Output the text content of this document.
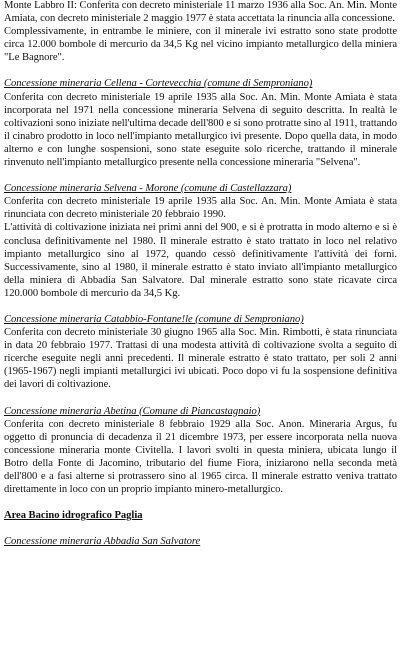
Monte Labbro II: Conferita con decreto ministeriale 11 marzo 1936 alla Soc. An. Min. Monte Amiata, con decreto ministeriale 2 maggio 1977 è stata accettata la rinuncia alla concessione.

Complessivamente, in entrambe le miniere, con il minerale ivi estratto sono state prodotte circa 12.000 bombole di mercurio da 34,5 Kg nel vicino impianto metallurgico della miniera "Le Bagnore".

Concessione mineraria Cellena - Cortevecchia (comune di Semproniano)

Conferita con decreto ministeriale 19 aprile 1935 alla Soc. An. Min. Monte Amiata è stata incorporata nel 1971 nella concessione mineraria Selvena di seguito descritta. In realtà le coltivazioni sono iniziate nell'ultima decade dell'800 e si sono protratte sino al 1911, trattando il cinabro prodotto in loco nell'impianto metallurgico ivi presente. Dopo quella data, in modo alterno e con lunghe sospensioni, sono state eseguite solo ricerche, trattando il minerale rinvenuto nell'impianto metallurgico presente nella concessione mineraria "Selvena".

Concessione mineraria Selvena - Morone (comune di Castellazzara)

Conferita con decreto ministeriale 19 aprile 1935 alla Soc. An. Min. Monte Amiata è stata rinunciata con decreto ministeriale 20 febbraio 1990.

L'attività di coltivazione iniziata nei primi anni del 900, e si è protratta in modo alterno e si è conclusa definitivamente nel 1980. Il minerale estratto è stato trattato in loco nel relativo impianto metallurgico sino al 1972, quando cessò definitivamente l'attività dei forni. Successivamente, sino al 1980, il minerale estratto è stato inviato all'impianto metallurgico della miniera di Abbadia San Salvatore. Dal minerale estratto sono state ricavate circa 120.000 bombole di mercurio da 34,5 Kg.

Concessione mineraria Catabbio-Fontane!le (comune di Semproniano)

Conferita con decreto ministeriale 30 giugno 1965 alla Soc. Min. Rimbotti, è stata rinunciata in data 20 febbraio 1977. Trattasi di una modesta attività di coltivazione svolta a seguito di ricerche eseguite negli anni precedenti. Il minerale estratto è stato trattato, per soli 2 anni (1965-1967) negli impianti metallurgici ivi ubicati. Poco dopo vi fu la sospensione definitiva dei lavori di coltivazione.

Concessione mineraria Abetina (Comune di Piancastagnaio)

Conferita con decreto ministeriale 8 febbraio 1929 alla Soc. Anon. Mineraria Argus, fu oggetto di pronuncia di decadenza il 21 dicembre 1973, per essere incorporata nella nuova concessione mineraria monte Civitella. I lavori svolti in questa miniera, ubicata lungo il Botro della Fonte di Jacomino, tributario del fiume Fiora, iniziarono nella seconda metà dell'800 e a fasi alterne si protrassero sino al 1965 circa. Il minerale estratto veniva trattato direttamente in loco con un proprio impianto minero-metallurgico.

Area Bacino idrografico Paglia

Concessione mineraria Abbadia San Salvatore
